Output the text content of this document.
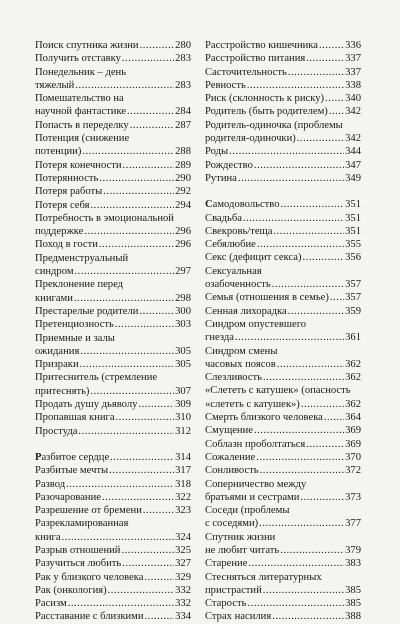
Поиск спутника жизни .....	280
Получить отставку .....	283
Понедельник – день
тяжелый .....	283
Помешательство на
научной фантастике .....	284
Попасть в переделку .....	287
Потенция (снижение
потенции) .....	288
Потеря конечности .....	289
Потерянность .....	290
Потеря работы .....	292
Потеря себя .....	294
Потребность в эмоциональной
поддержке .....	296
Поход в гости .....	296
Предменструальный
синдром .....	297
Преклонение перед
книгами .....	298
Престарелые родители .....	300
Претенциозность .....	303
Приемные и залы
ожидания .....	305
Призраки .....	305
Притеснитель (стремление
притеснять) .....	307
Продать душу дьяволу .....	309
Пропавшая книга .....	310
Простуда .....	312
Разбитое сердце .....	314
Разбитые мечты .....	317
Развод .....	318
Разочарование .....	322
Разрешение от бремени .....	323
Разрекламированная
книга .....	324
Разрыв отношений .....	325
Разучиться любить .....	327
Рак у близкого человека .....	329
Рак (онкология) .....	332
Расизм .....	332
Расставание с близкими .....	334
Расстройство кишечника .....	336
Расстройство питания .....	337
Састочительность .....	337
Ревность .....	338
Риск (склонность к риску) ..... 340
Родитель (быть родителем) ..... 342
Родитель-одиночка (проблемы
родителя-одиночки) .....	342
Роды .....	344
Рождество .....	347
Рутина .....	349
Самодовольство .....	351
Свадьба .....	351
Свекровь/теща .....	351
Себялюбие .....	355
Секс (дефицит секса) .....	356
Сексуальная
озабоченность .....	357
Семья (отношения в семье) ..... 357
Сенная лихорадка .....	359
Синдром опустевшего
гнезда .....	361
Синдром смены
часовых поясов .....	362
Слезливость .....	362
«Слететь с катушек» (опасность
«слететь с катушек») .....	362
Смерть близкого человека ..... 364
Смущение .....	369
Соблазн проболтаться .....	369
Сожаление .....	370
Сонливость .....	372
Соперничество между
братьями и сестрами .....	373
Соседи (проблемы
с соседями) .....	377
Спутник жизни
не любит читать .....	379
Старение .....	383
Стесняться литературных
пристрастий .....	385
Старость .....	385
Страх насилия .....	388
